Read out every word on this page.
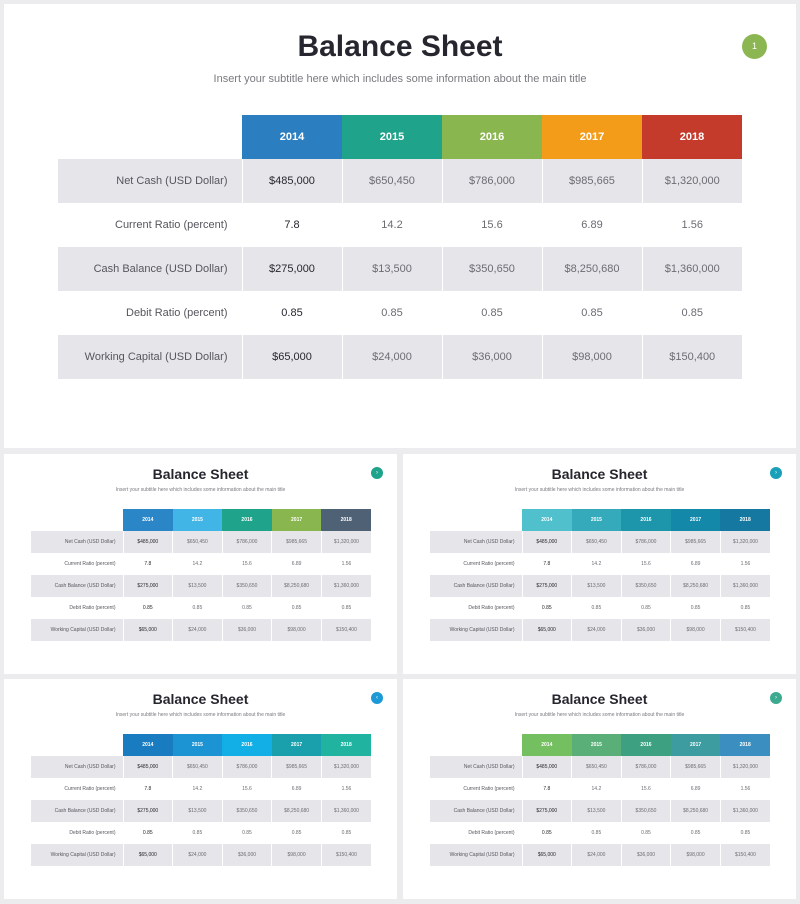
Balance Sheet
Insert your subtitle here which includes some information about the main title
1
	2014	2015	2016	2017	2018
Net Cash (USD Dollar)	$485,000	$650,450	$786,000	$985,665	$1,320,000
Current Ratio (percent)	7.8	14.2	15.6	6.89	1.56
Cash Balance (USD Dollar)	$275,000	$13,500	$350,650	$8,250,680	$1,360,000
Debit Ratio (percent)	0.85	0.85	0.85	0.85	0.85
Working Capital (USD Dollar)	$65,000	$24,000	$36,000	$98,000	$150,400
Balance Sheet
Insert your subtitle here which includes some information about the main title
›
	2014	2015	2016	2017	2018
Net Cash (USD Dollar)	$485,000	$650,450	$786,000	$985,665	$1,320,000
Current Ratio (percent)	7.8	14.2	15.6	6.89	1.56
Cash Balance (USD Dollar)	$275,000	$13,500	$350,650	$8,250,680	$1,360,000
Debit Ratio (percent)	0.85	0.85	0.85	0.85	0.85
Working Capital (USD Dollar)	$65,000	$24,000	$36,000	$98,000	$150,400
Balance Sheet
Insert your subtitle here which includes some information about the main title
›
	2014	2015	2016	2017	2018
Net Cash (USD Dollar)	$485,000	$650,450	$786,000	$985,665	$1,320,000
Current Ratio (percent)	7.8	14.2	15.6	6.89	1.56
Cash Balance (USD Dollar)	$275,000	$13,500	$350,650	$8,250,680	$1,360,000
Debit Ratio (percent)	0.85	0.85	0.85	0.85	0.85
Working Capital (USD Dollar)	$65,000	$24,000	$36,000	$98,000	$150,400
Balance Sheet
Insert your subtitle here which includes some information about the main title
‹
	2014	2015	2016	2017	2018
Net Cash (USD Dollar)	$485,000	$650,450	$786,000	$985,665	$1,320,000
Current Ratio (percent)	7.8	14.2	15.6	6.89	1.56
Cash Balance (USD Dollar)	$275,000	$13,500	$350,650	$8,250,680	$1,360,000
Debit Ratio (percent)	0.85	0.85	0.85	0.85	0.85
Working Capital (USD Dollar)	$65,000	$24,000	$36,000	$98,000	$150,400
Balance Sheet
Insert your subtitle here which includes some information about the main title
›
	2014	2015	2016	2017	2018
Net Cash (USD Dollar)	$485,000	$650,450	$786,000	$985,665	$1,320,000
Current Ratio (percent)	7.8	14.2	15.6	6.89	1.56
Cash Balance (USD Dollar)	$275,000	$13,500	$350,650	$8,250,680	$1,360,000
Debit Ratio (percent)	0.85	0.85	0.85	0.85	0.85
Working Capital (USD Dollar)	$65,000	$24,000	$36,000	$98,000	$150,400
